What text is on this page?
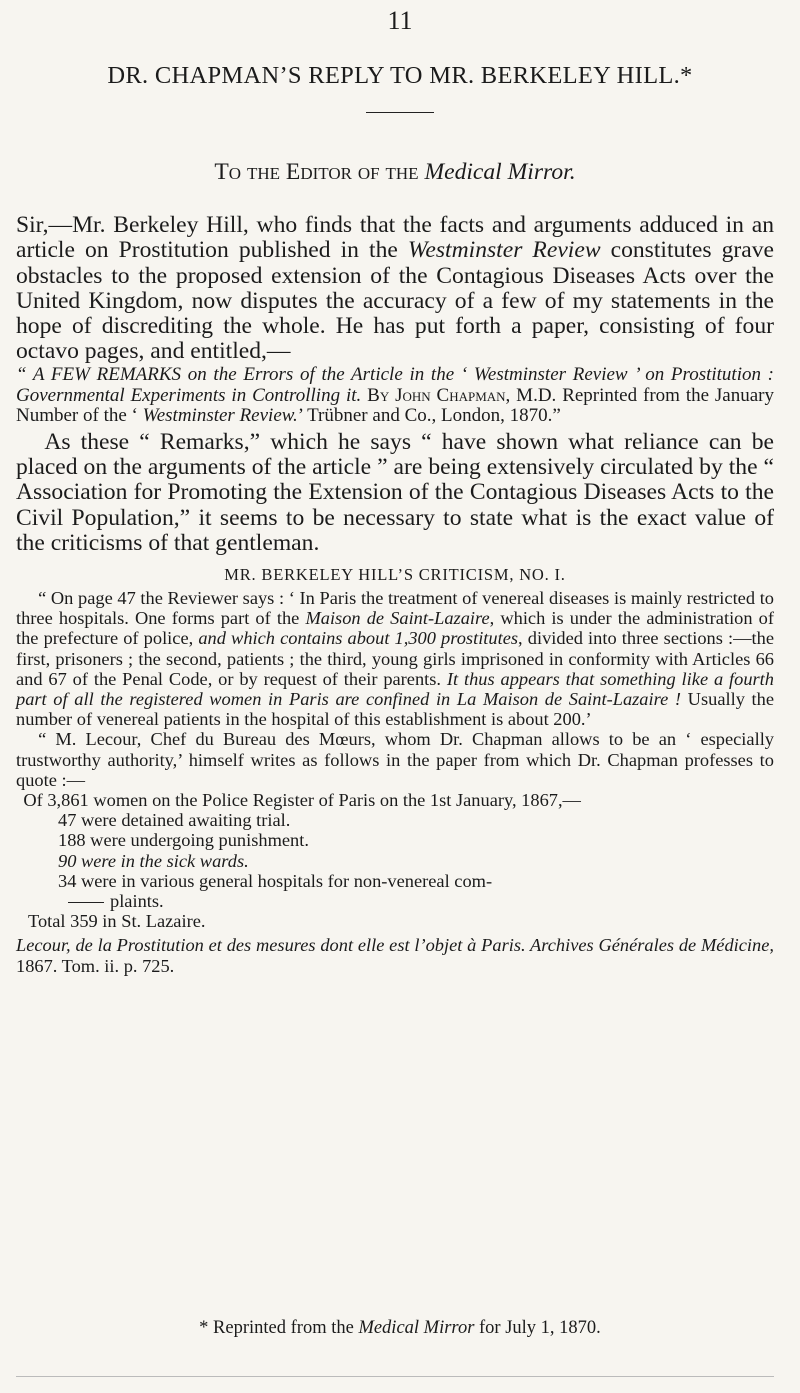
11
DR. CHAPMAN’S REPLY TO MR. BERKELEY HILL.*

To the Editor of the Medical Mirror.

Sir,—Mr. Berkeley Hill, who finds that the facts and arguments adduced in an article on Prostitution published in the Westminster Review constitutes grave obstacles to the proposed extension of the Contagious Diseases Acts over the United Kingdom, now disputes the accuracy of a few of my statements in the hope of discrediting the whole. He has put forth a paper, consisting of four octavo pages, and entitled,—

“ A FEW REMARKS on the Errors of the Article in the ‘ Westminster Review ’ on Prostitution : Governmental Experiments in Controlling it. By John Chapman, M.D. Reprinted from the January Number of the ‘ Westminster Review.’ Trübner and Co., London, 1870.”

As these “ Remarks,” which he says “ have shown what reliance can be placed on the arguments of the article ” are being extensively circulated by the “ Association for Promoting the Extension of the Contagious Diseases Acts to the Civil Population,” it seems to be necessary to state what is the exact value of the criticisms of that gentleman.

MR. BERKELEY HILL’S CRITICISM, NO. I.

“ On page 47 the Reviewer says : ‘ In Paris the treatment of venereal diseases is mainly restricted to three hospitals. One forms part of the Maison de Saint-Lazaire, which is under the administration of the prefecture of police, and which contains about 1,300 prostitutes, divided into three sections :—the first, prisoners ; the second, patients ; the third, young girls imprisoned in conformity with Articles 66 and 67 of the Penal Code, or by request of their parents. It thus appears that something like a fourth part of all the registered women in Paris are confined in La Maison de Saint-Lazaire ! Usually the number of venereal patients in the hospital of this establishment is about 200.’

“ M. Lecour, Chef du Bureau des Mœurs, whom Dr. Chapman allows to be an ‘ especially trustworthy authority,’ himself writes as follows in the paper from which Dr. Chapman professes to quote :—

Of 3,861 women on the Police Register of Paris on the 1st January, 1867,—

47 were detained awaiting trial.
188 were undergoing punishment.
90 were in the sick wards.
34 were in various general hospitals for non-venereal com-
plaints.
Total 359 in St. Lazaire.

Lecour, de la Prostitution et des mesures dont elle est l’objet à Paris. Archives Générales de Médicine, 1867. Tom. ii. p. 725.

* Reprinted from the Medical Mirror for July 1, 1870.
